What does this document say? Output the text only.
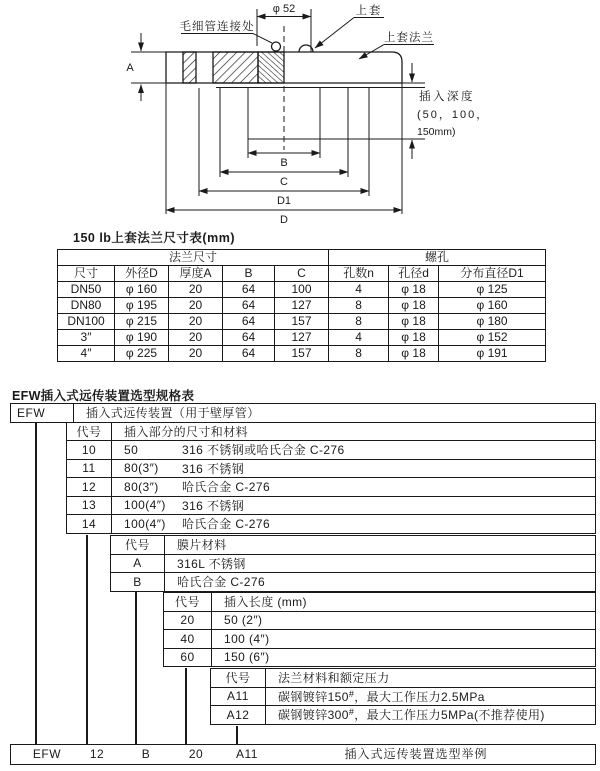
φ 52
毛细管连接处
上套
上套法兰
A
插入深度
(50，100，
150mm)
B
C
D1
D
150 lb上套法兰尺寸表(mm)
法兰尺寸					螺孔		
尺寸	外径D	厚度A	B	C	孔数n	孔径d	分布直径D1
DN50	φ 160	20	64	100	4	φ 18	φ 125
DN80	φ 195	20	64	127	8	φ 18	φ 160
DN100	φ 215	20	64	157	8	φ 18	φ 180
3″	φ 190	20	64	127	4	φ 18	φ 152
4″	φ 225	20	64	157	8	φ 18	φ 191
EFW插入式远传装置选型规格表
EFW	插入式远传装置（用于壁厚管）
代号	插入部分的尺寸和材料
10	50	316 不锈钢或哈氏合金 C-276
11	80(3″)	316 不锈钢
12	80(3″)	哈氏合金 C-276
13	100(4″)	316 不锈钢
14	100(4″)	哈氏合金 C-276
代号	膜片材料
A	316L 不锈钢
B	哈氏合金 C-276
代号	插入长度 (mm)
20	50 (2″)
40	100 (4″)
60	150 (6″)
代号	法兰材料和额定压力
A11	碳钢镀锌150 # ，最大工作压力2.5MPa
A12	碳钢镀锌300 # ，最大工作压力5MPa(不推荐使用)
EFW	12	B	20	A11	插入式远传装置选型举例
